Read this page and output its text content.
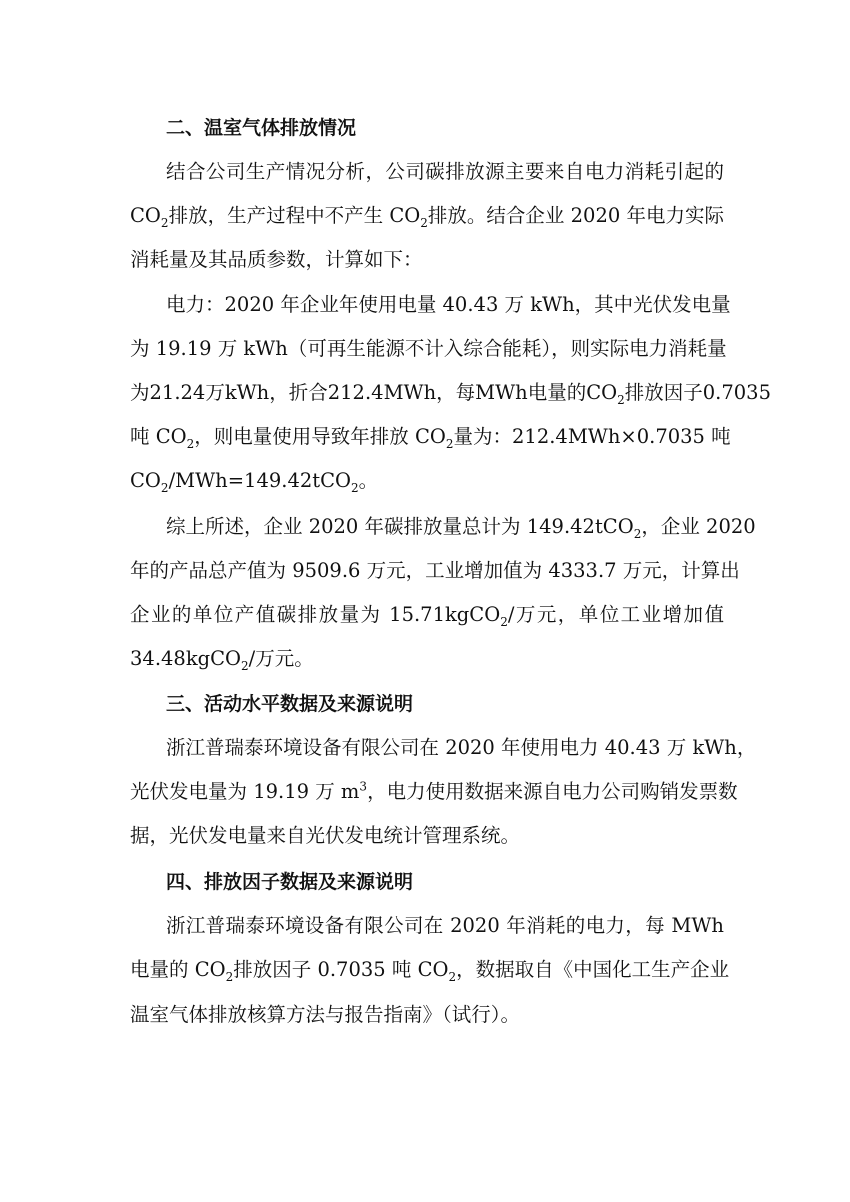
二、温室气体排放情况
结合公司生产情况分析，公司碳排放源主要来自电力消耗引起的
$CO_2$排放，生产过程中不产生 $CO_2$排放。结合企业 2020 年电力实际
消耗量及其品质参数，计算如下：
电力：2020 年企业年使用电量 40.43 万 kWh，其中光伏发电量
为 19.19 万 kWh（可再生能源不计入综合能耗），则实际电力消耗量
为21.24万kWh，折合212.4MWh，每MWh电量的$CO_2$排放因子0.7035
吨 $CO_2$，则电量使用导致年排放 $CO_2$量为：212.4MWh×0.7035 吨
$CO_2/MWh=149.42tCO_2$。
综上所述，企业 2020 年碳排放量总计为 149.42tCO$_2$，企业 2020
年的产品总产值为 9509.6 万元，工业增加值为 4333.7 万元，计算出
企业的单位产值碳排放量为 15.71kgCO$_2$/万元，单位工业增加值
34.48kgCO$_2$/万元。
三、活动水平数据及来源说明
浙江普瑞泰环境设备有限公司在 2020 年使用电力 40.43 万 kWh，
光伏发电量为 19.19 万 $m^3$，电力使用数据来源自电力公司购销发票数
据，光伏发电量来自光伏发电统计管理系统。
四、排放因子数据及来源说明
浙江普瑞泰环境设备有限公司在 2020 年消耗的电力，每 MWh
电量的 $CO_2$排放因子 0.7035 吨 $CO_2$，数据取自《中国化工生产企业
温室气体排放核算方法与报告指南》（试行）。
